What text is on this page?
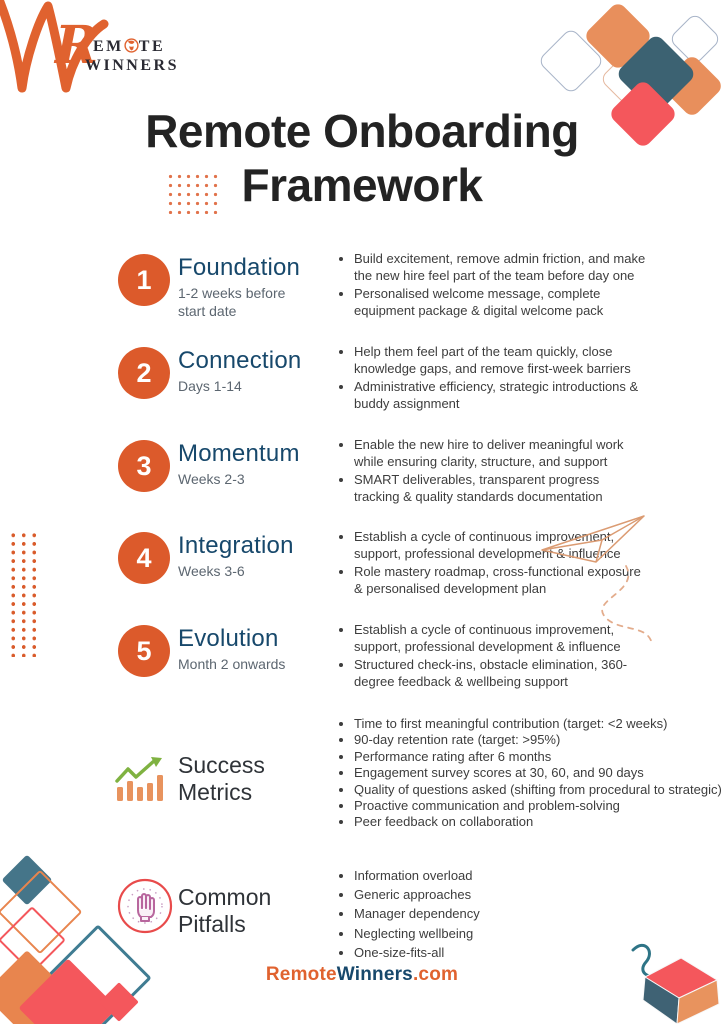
R
EM TE
WINNERS
Remote Onboarding
Framework
1	Foundation

1-2 weeks before start date

• Build excitement, remove admin friction, and make the new hire feel part of the team before day one
• Personalised welcome message, complete equipment package & digital welcome pack
2	Connection

Days 1-14

• Help them feel part of the team quickly, close knowledge gaps, and remove first-week barriers
• Administrative efficiency, strategic introductions & buddy assignment
3	Momentum

Weeks 2-3

• Enable the new hire to deliver meaningful work while ensuring clarity, structure, and support
• SMART deliverables, transparent progress tracking & quality standards documentation
4	Integration

Weeks 3-6

• Establish a cycle of continuous improvement, support, professional development & influence
• Role mastery roadmap, cross-functional exposure & personalised development plan
5	Evolution

Month 2 onwards

• Establish a cycle of continuous improvement, support, professional development & influence
• Structured check-ins, obstacle elimination, 360-degree feedback & wellbeing support
Success Metrics
• Time to first meaningful contribution (target: <2 weeks)
• 90-day retention rate (target: >95%)
• Performance rating after 6 months
• Engagement survey scores at 30, 60, and 90 days
• Quality of questions asked (shifting from procedural to strategic)
• Proactive communication and problem-solving
• Peer feedback on collaboration
Common Pitfalls
• Information overload
• Generic approaches
• Manager dependency
• Neglecting wellbeing
• One-size-fits-all
RemoteWinners.com
